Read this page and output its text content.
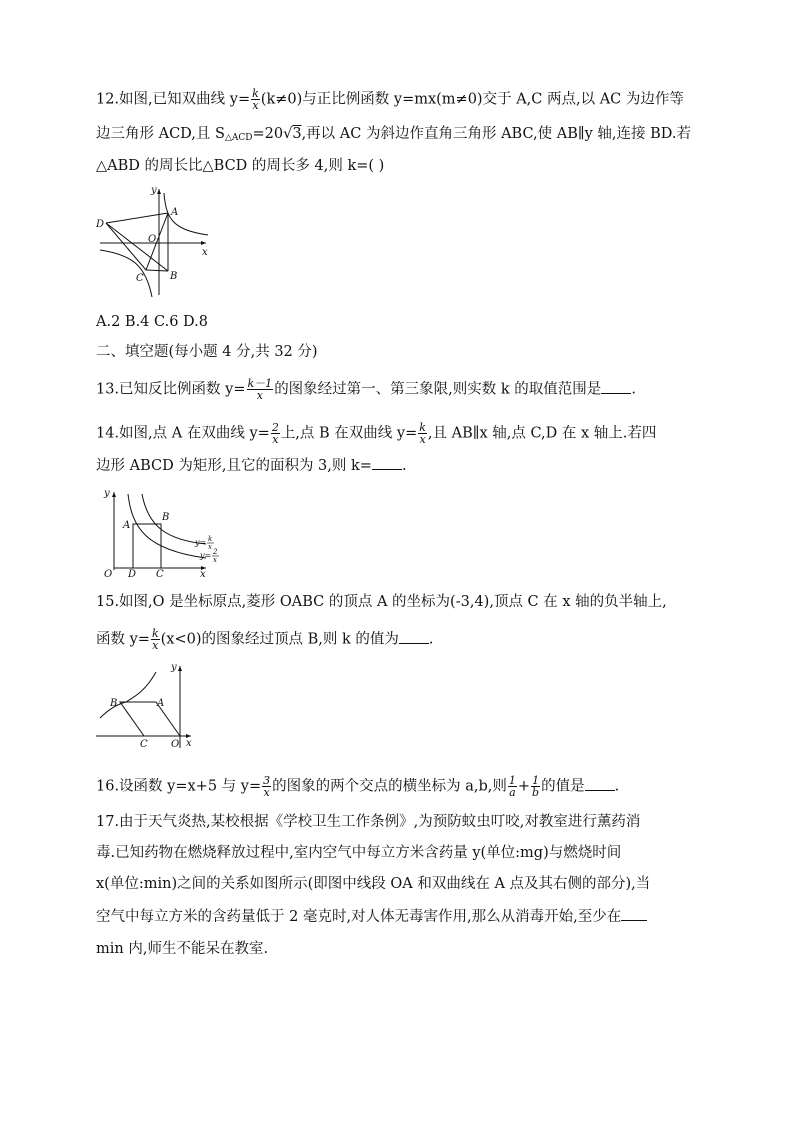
12.如图,已知双曲线 $y= \frac{k}{x} (k\ne 0)$与正比例函数 y=mx(m≠0)交于 A,C 两点,以 AC 为边作等
边三角形 ACD,且 $S_{\triangle ACD}=20√3$,再以 AC 为斜边作直角三角形 ABC,使 AB∥y 轴,连接 BD.若
△ABD 的周长比△BCD 的周长多 4,则 k=( )
y
x
D
A
O
C	B
A.2 B.4 C.6 D.8
二、填空题(每小题 4 分,共 32 分)
13.已知反比例函数 $y= \frac{k-1}{x}$ 的图象经过第一、第三象限,则实数 k 的取值范围是 .
14.如图,点 A 在双曲线 $y= \frac{2}{x}$ 上,点 B 在双曲线 $y= \frac{k}{x}$ ,且 AB∥x 轴,点 C,D 在 x 轴上.若四
边形 ABCD 为矩形,且它的面积为 3,则 k= .
y
x
A
B
O D C
y= k
x
y= 2
x
15.如图,O 是坐标原点,菱形 OABC 的顶点 A 的坐标为(-3,4),顶点 C 在 x 轴的负半轴上,
函数 $y= \frac{k}{x} (x<0)$的图象经过顶点 B,则 k 的值为 .
y
x
A
B
C O
16.设函数 y=x+5 与 $y= \frac{3}{x}$ 的图象的两个交点的横坐标为 a,b,则 $\frac{1}{a} + \frac{1}{b}$ 的值是 .
17.由于天气炎热,某校根据《学校卫生工作条例》,为预防蚊虫叮咬,对教室进行薰药消
毒.已知药物在燃烧释放过程中,室内空气中每立方米含药量 y(单位:mg)与燃烧时间
x(单位:min)之间的关系如图所示(即图中线段 OA 和双曲线在 A 点及其右侧的部分),当
空气中每立方米的含药量低于 2 毫克时,对人体无毒害作用,那么从消毒开始,至少在
min 内,师生不能呆在教室.
